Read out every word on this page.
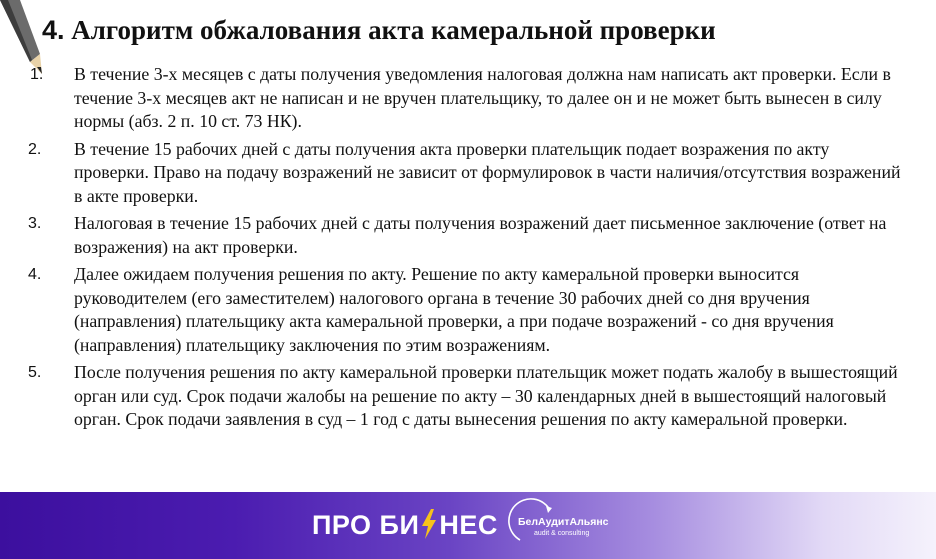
4. Алгоритм обжалования акта камеральной проверки
1. В течение 3-х месяцев с даты получения уведомления налоговая должна нам написать акт проверки. Если в течение 3-х месяцев акт не написан и не вручен плательщику, то далее он и не может быть вынесен в силу нормы (абз. 2 п. 10 ст. 73 НК).

2. В течение 15 рабочих дней с даты получения акта проверки плательщик подает возражения по акту проверки. Право на подачу возражений не зависит от формулировок в части наличия/отсутствия возражений в акте проверки.

3. Налоговая в течение 15 рабочих дней с даты получения возражений дает письменное заключение (ответ на возражения) на акт проверки.

4. Далее ожидаем получения решения по акту. Решение по акту камеральной проверки выносится руководителем (его заместителем) налогового органа в течение 30 рабочих дней со дня вручения (направления) плательщику акта камеральной проверки, а при подаче возражений - со дня вручения (направления) плательщику заключения по этим возражениям.

5. После получения решения по акту камеральной проверки плательщик может подать жалобу в вышестоящий орган или суд. Срок подачи жалобы на решение по акту – 30 календарных дней в вышестоящий налоговый орган. Срок подачи заявления в суд – 1 год с даты вынесения решения по акту камеральной проверки.

ПРО БИ НЕС БелАудитАльянс
audit & consulting
